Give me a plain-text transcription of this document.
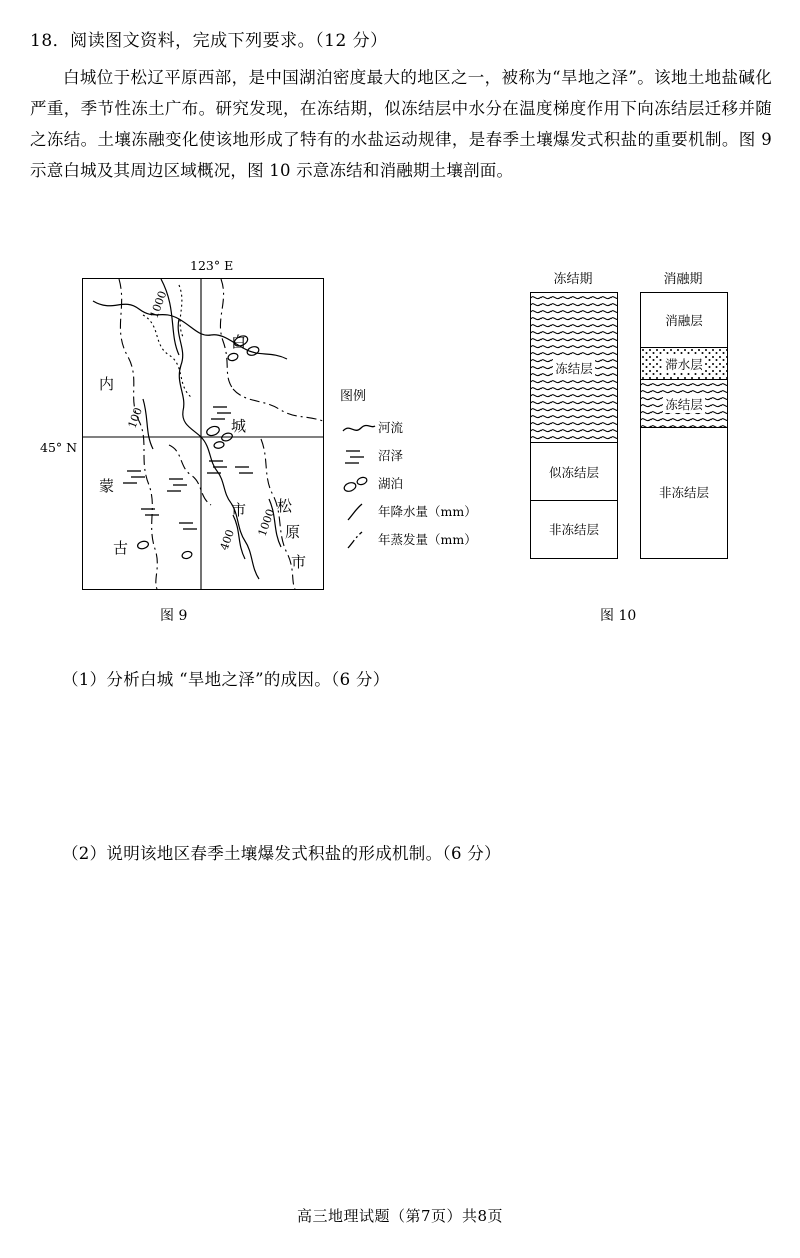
18．阅读图文资料，完成下列要求。（12 分）
白城位于松辽平原西部，是中国湖泊密度最大的地区之一，被称为“旱地之泽”。该地土地盐碱化严重，季节性冻土广布。研究发现，在冻结期，似冻结层中水分在温度梯度作用下向冻结层迁移并随之冻结。土壤冻融变化使该地形成了特有的水盐运动规律，是春季土壤爆发式积盐的重要机制。图 9 示意白城及其周边区域概况，图 10 示意冻结和消融期土壤剖面。
123° E
45° N
1000
100
400
1000
内
蒙
古
白
城
市 松
原
市
图例
河流
沼泽
湖泊
年降水量（mm）
年蒸发量（mm）
图 9
冻结期	消融期
冻结层
似冻结层
非冻结层
消融层
滞水层
冻结层
非冻结层
图 10
（1）分析白城 “旱地之泽”的成因。（6 分）
（2）说明该地区春季土壤爆发式积盐的形成机制。（6 分）
高三地理试题（第7页）共8页
